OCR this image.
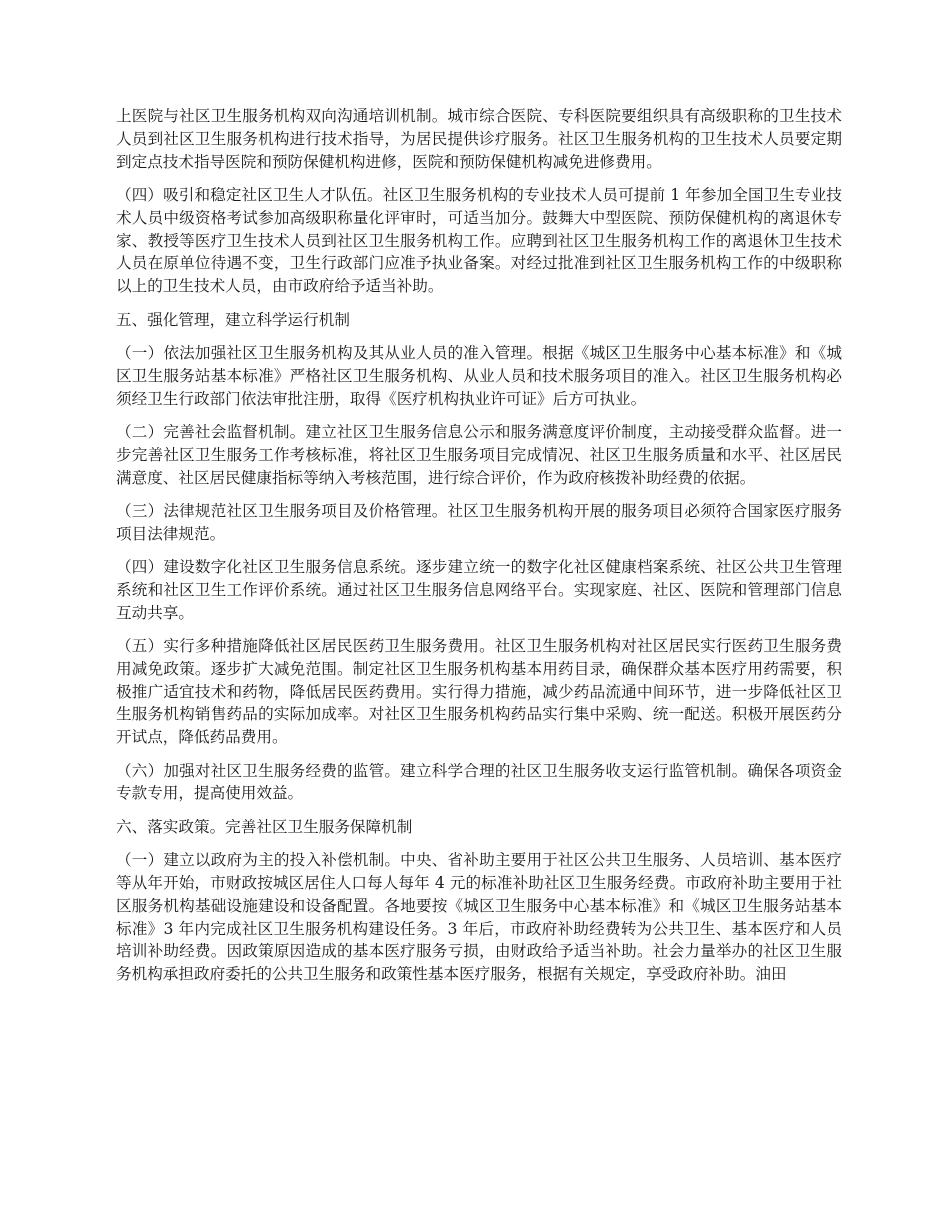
上医院与社区卫生服务机构双向沟通培训机制。城市综合医院、专科医院要组织具有高级职称的卫生技术人员到社区卫生服务机构进行技术指导，为居民提供诊疗服务。社区卫生服务机构的卫生技术人员要定期到定点技术指导医院和预防保健机构进修，医院和预防保健机构减免进修费用。

（四）吸引和稳定社区卫生人才队伍。社区卫生服务机构的专业技术人员可提前 1 年参加全国卫生专业技术人员中级资格考试参加高级职称量化评审时，可适当加分。鼓舞大中型医院、预防保健机构的离退休专家、教授等医疗卫生技术人员到社区卫生服务机构工作。应聘到社区卫生服务机构工作的离退休卫生技术人员在原单位待遇不变，卫生行政部门应准予执业备案。对经过批准到社区卫生服务机构工作的中级职称以上的卫生技术人员，由市政府给予适当补助。

五、强化管理，建立科学运行机制

（一）依法加强社区卫生服务机构及其从业人员的准入管理。根据《城区卫生服务中心基本标准》和《城区卫生服务站基本标准》严格社区卫生服务机构、从业人员和技术服务项目的准入。社区卫生服务机构必须经卫生行政部门依法审批注册，取得《医疗机构执业许可证》后方可执业。

（二）完善社会监督机制。建立社区卫生服务信息公示和服务满意度评价制度，主动接受群众监督。进一步完善社区卫生服务工作考核标准，将社区卫生服务项目完成情况、社区卫生服务质量和水平、社区居民满意度、社区居民健康指标等纳入考核范围，进行综合评价，作为政府核拨补助经费的依据。

（三）法律规范社区卫生服务项目及价格管理。社区卫生服务机构开展的服务项目必须符合国家医疗服务项目法律规范。

（四）建设数字化社区卫生服务信息系统。逐步建立统一的数字化社区健康档案系统、社区公共卫生管理系统和社区卫生工作评价系统。通过社区卫生服务信息网络平台。实现家庭、社区、医院和管理部门信息互动共享。

（五）实行多种措施降低社区居民医药卫生服务费用。社区卫生服务机构对社区居民实行医药卫生服务费用减免政策。逐步扩大减免范围。制定社区卫生服务机构基本用药目录，确保群众基本医疗用药需要，积极推广适宜技术和药物，降低居民医药费用。实行得力措施，减少药品流通中间环节，进一步降低社区卫生服务机构销售药品的实际加成率。对社区卫生服务机构药品实行集中采购、统一配送。积极开展医药分开试点，降低药品费用。

（六）加强对社区卫生服务经费的监管。建立科学合理的社区卫生服务收支运行监管机制。确保各项资金专款专用，提高使用效益。

六、落实政策。完善社区卫生服务保障机制

（一）建立以政府为主的投入补偿机制。中央、省补助主要用于社区公共卫生服务、人员培训、基本医疗等从年开始，市财政按城区居住人口每人每年 4 元的标准补助社区卫生服务经费。市政府补助主要用于社区服务机构基础设施建设和设备配置。各地要按《城区卫生服务中心基本标准》和《城区卫生服务站基本标准》3 年内完成社区卫生服务机构建设任务。3 年后，市政府补助经费转为公共卫生、基本医疗和人员培训补助经费。因政策原因造成的基本医疗服务亏损，由财政给予适当补助。社会力量举办的社区卫生服务机构承担政府委托的公共卫生服务和政策性基本医疗服务，根据有关规定，享受政府补助。油田
